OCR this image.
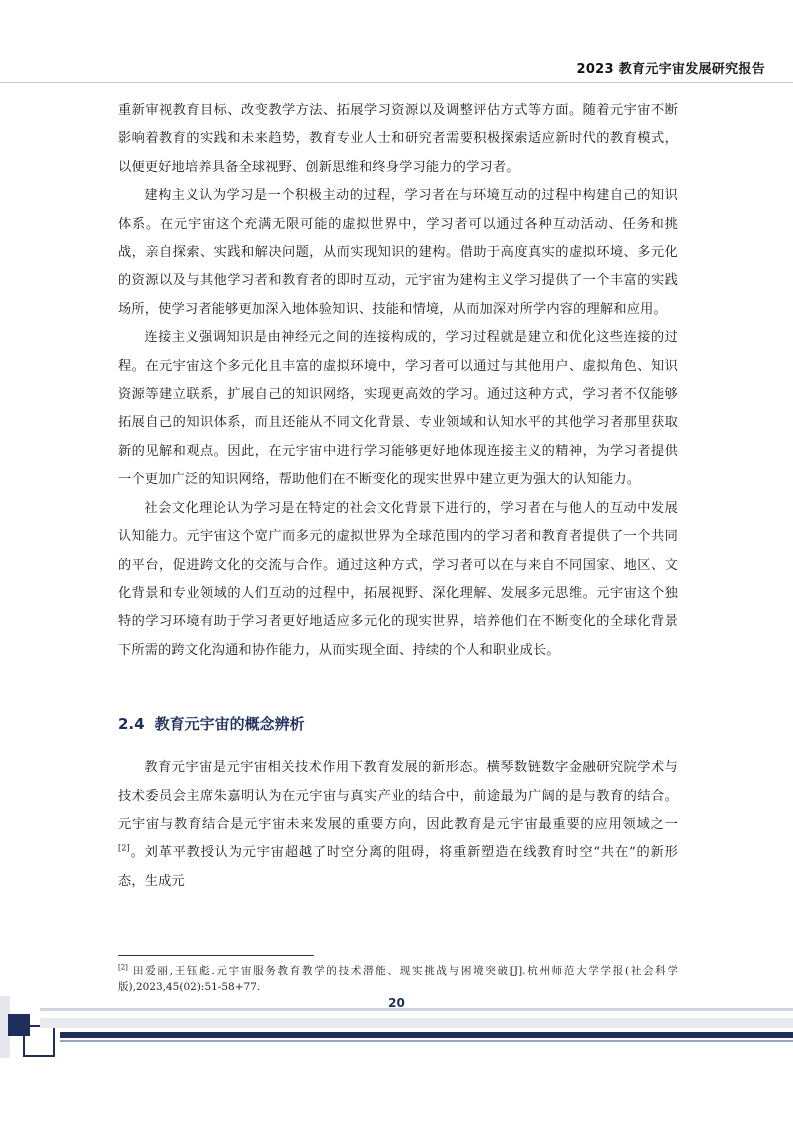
2023 教育元宇宙发展研究报告

重新审视教育目标、改变教学方法、拓展学习资源以及调整评估方式等方面。随着元宇宙不断影响着教育的实践和未来趋势，教育专业人士和研究者需要积极探索适应新时代的教育模式，以便更好地培养具备全球视野、创新思维和终身学习能力的学习者。

建构主义认为学习是一个积极主动的过程，学习者在与环境互动的过程中构建自己的知识体系。在元宇宙这个充满无限可能的虚拟世界中，学习者可以通过各种互动活动、任务和挑战，亲自探索、实践和解决问题，从而实现知识的建构。借助于高度真实的虚拟环境、多元化的资源以及与其他学习者和教育者的即时互动，元宇宙为建构主义学习提供了一个丰富的实践场所，使学习者能够更加深入地体验知识、技能和情境，从而加深对所学内容的理解和应用。

连接主义强调知识是由神经元之间的连接构成的，学习过程就是建立和优化这些连接的过程。在元宇宙这个多元化且丰富的虚拟环境中，学习者可以通过与其他用户、虚拟角色、知识资源等建立联系，扩展自己的知识网络，实现更高效的学习。通过这种方式，学习者不仅能够拓展自己的知识体系，而且还能从不同文化背景、专业领域和认知水平的其他学习者那里获取新的见解和观点。因此，在元宇宙中进行学习能够更好地体现连接主义的精神，为学习者提供一个更加广泛的知识网络，帮助他们在不断变化的现实世界中建立更为强大的认知能力。

社会文化理论认为学习是在特定的社会文化背景下进行的，学习者在与他人的互动中发展认知能力。元宇宙这个宽广而多元的虚拟世界为全球范围内的学习者和教育者提供了一个共同的平台，促进跨文化的交流与合作。通过这种方式，学习者可以在与来自不同国家、地区、文化背景和专业领域的人们互动的过程中，拓展视野、深化理解、发展多元思维。元宇宙这个独特的学习环境有助于学习者更好地适应多元化的现实世界，培养他们在不断变化的全球化背景下所需的跨文化沟通和协作能力，从而实现全面、持续的个人和职业成长。

2.4 教育元宇宙的概念辨析

教育元宇宙是元宇宙相关技术作用下教育发展的新形态。横琴数链数字金融研究院学术与技术委员会主席朱嘉明认为在元宇宙与真实产业的结合中，前途最为广阔的是与教育的结合。元宇宙与教育结合是元宇宙未来发展的重要方向，因此教育是元宇宙最重要的应用领域之一[2]。刘革平教授认为元宇宙超越了时空分离的阻碍，将重新塑造在线教育时空“共在”的新形态，生成元

[2] 田爱丽,王钰彪.元宇宙服务教育教学的技术潜能、现实挑战与困境突破[J].杭州师范大学学报(社会科学版),2023,45(02):51-58+77.
20
